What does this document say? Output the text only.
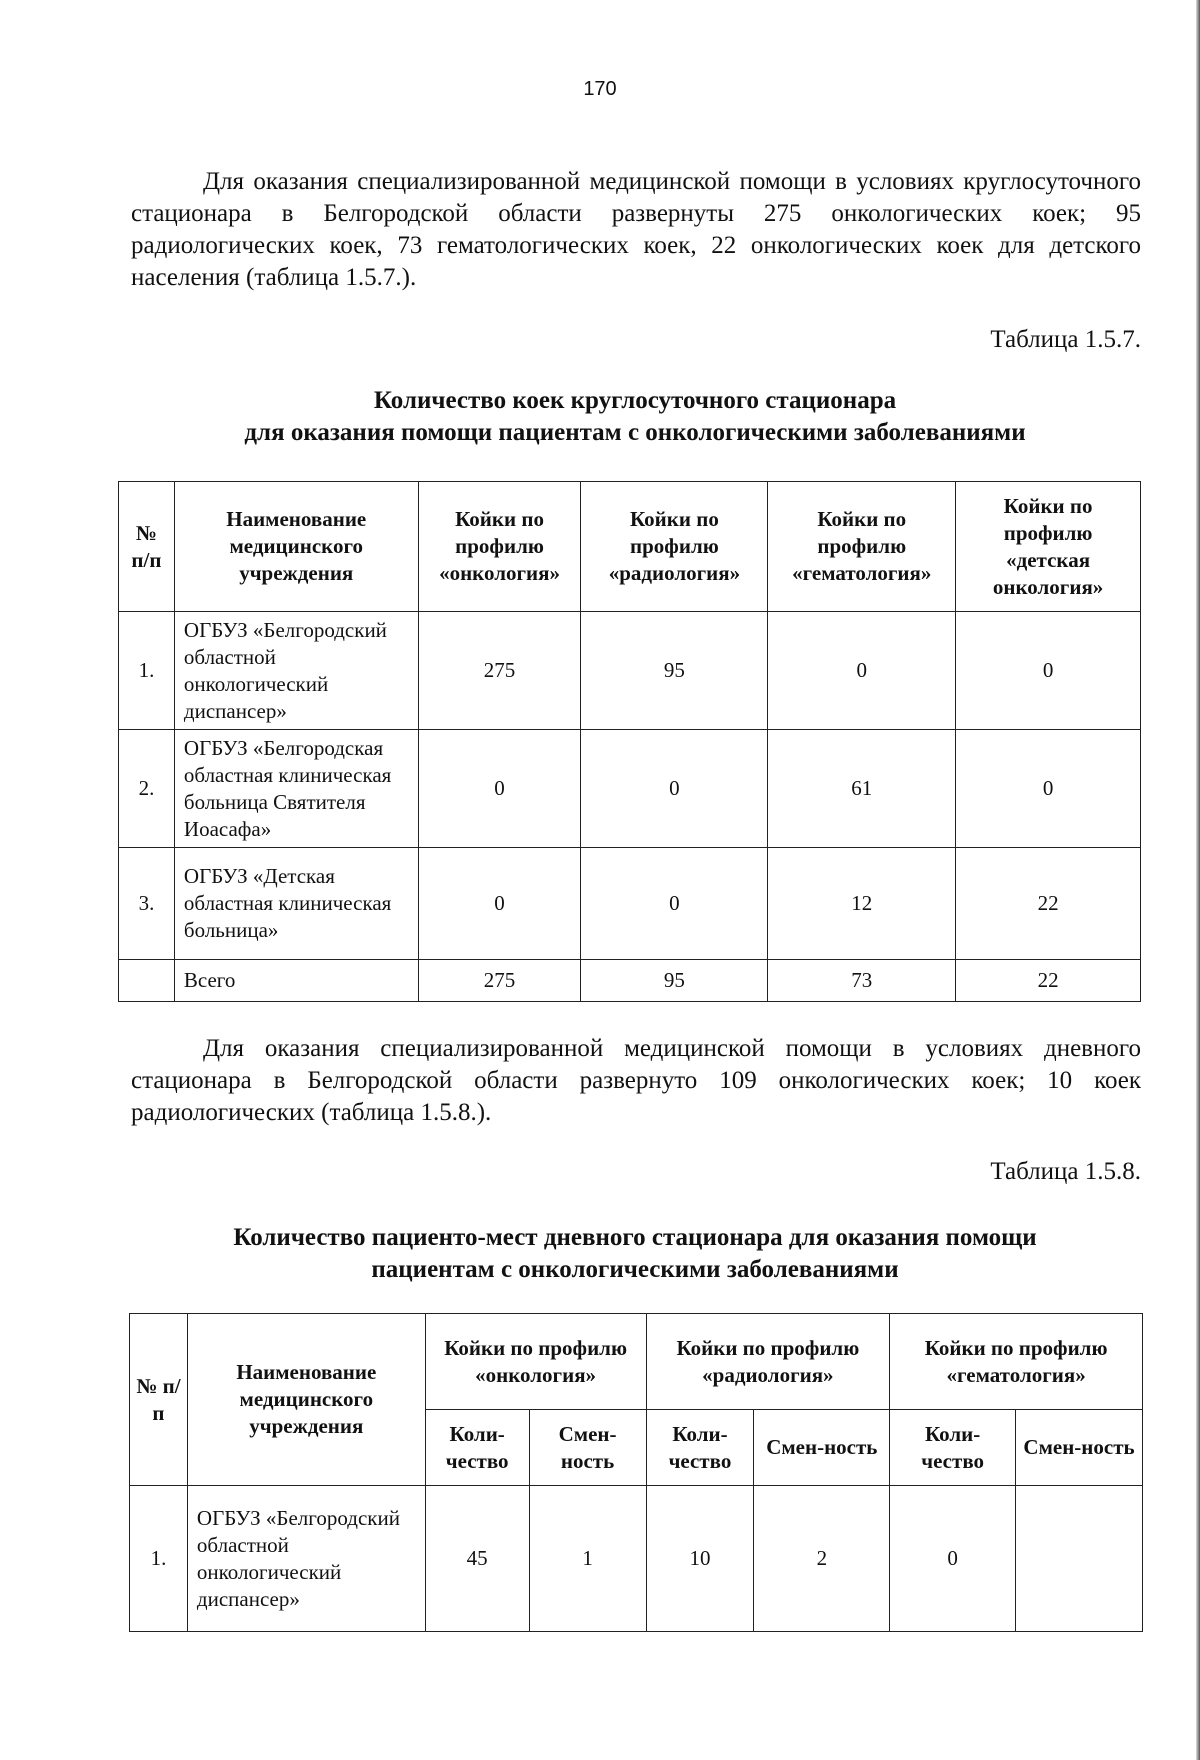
170

Для оказания специализированной медицинской помощи в условиях круглосуточного стационара в Белгородской области развернуты 275 онкологических коек; 95 радиологических коек, 73 гематологических коек, 22 онкологических коек для детского населения (таблица 1.5.7.).

Таблица 1.5.7.

Количество коек круглосуточного стационара
для оказания помощи пациентам с онкологическими заболеваниями

№ п/п	Наименование медицинского учреждения	Койки по профилю «онкология»	Койки по профилю «радиология»	Койки по профилю «гематология»	Койки по профилю «детская онкология»
1.	ОГБУЗ «Белгородский областной онкологический диспансер»	275	95	0	0
2.	ОГБУЗ «Белгородская областная клиническая больница Святителя Иоасафа»	0	0	61	0
3.	ОГБУЗ «Детская областная клиническая больница»	0	0	12	22
	Всего	275	95	73	22

Для оказания специализированной медицинской помощи в условиях дневного стационара в Белгородской области развернуто 109 онкологических коек; 10 коек радиологических (таблица 1.5.8.).

Таблица 1.5.8.

Количество пациенто-мест дневного стационара для оказания помощи
пациентам с онкологическими заболеваниями

№ п/п	Наименование медицинского учреждения	Койки по профилю «онкология»		Койки по профилю «радиология»		Койки по профилю «гематология»	
		Коли-чество	Смен-ность	Коли-чество	Смен-ность	Коли-чество	Смен-ность
1.	ОГБУЗ «Белгородский областной онкологический диспансер»	45	1	10	2	0	
